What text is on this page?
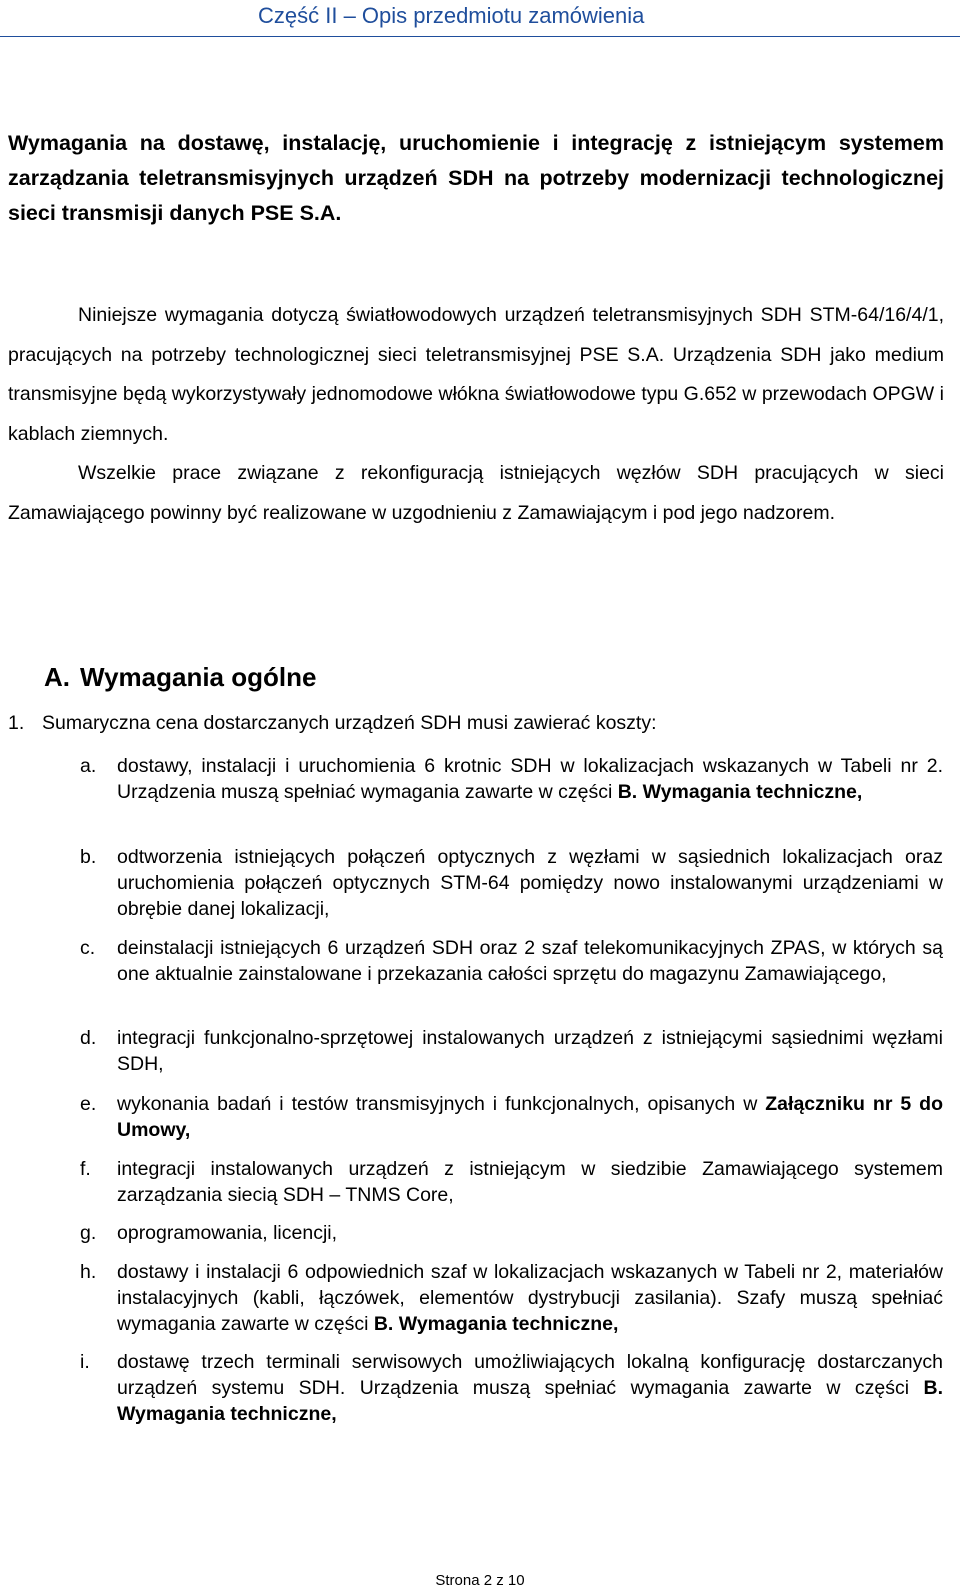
Część II – Opis przedmiotu zamówienia

Wymagania na dostawę, instalację, uruchomienie i integrację z istniejącym systemem zarządzania teletransmisyjnych urządzeń SDH na potrzeby modernizacji technologicznej sieci transmisji danych PSE S.A.

Niniejsze wymagania dotyczą światłowodowych urządzeń teletransmisyjnych SDH STM-64/16/4/1, pracujących na potrzeby technologicznej sieci teletransmisyjnej PSE S.A. Urządzenia SDH jako medium transmisyjne będą wykorzystywały jednomodowe włókna światłowodowe typu G.652 w przewodach OPGW i kablach ziemnych.

Wszelkie prace związane z rekonfiguracją istniejących węzłów SDH pracujących w sieci Zamawiającego powinny być realizowane w uzgodnieniu z Zamawiającym i pod jego nadzorem.

A. Wymagania ogólne
1. Sumaryczna cena dostarczanych urządzeń SDH musi zawierać koszty:
a. dostawy, instalacji i uruchomienia 6 krotnic SDH w lokalizacjach wskazanych w Tabeli nr 2. Urządzenia muszą spełniać wymagania zawarte w części B. Wymagania techniczne,
b. odtworzenia istniejących połączeń optycznych z węzłami w sąsiednich lokalizacjach oraz uruchomienia połączeń optycznych STM-64 pomiędzy nowo instalowanymi urządzeniami w obrębie danej lokalizacji,
c. deinstalacji istniejących 6 urządzeń SDH oraz 2 szaf telekomunikacyjnych ZPAS, w których są one aktualnie zainstalowane i przekazania całości sprzętu do magazynu Zamawiającego,
d. integracji funkcjonalno-sprzętowej instalowanych urządzeń z istniejącymi sąsiednimi węzłami SDH,
e. wykonania badań i testów transmisyjnych i funkcjonalnych, opisanych w Załączniku nr 5 do Umowy,
f. integracji instalowanych urządzeń z istniejącym w siedzibie Zamawiającego systemem zarządzania siecią SDH – TNMS Core,
g. oprogramowania, licencji,
h. dostawy i instalacji 6 odpowiednich szaf w lokalizacjach wskazanych w Tabeli nr 2, materiałów instalacyjnych (kabli, łączówek, elementów dystrybucji zasilania). Szafy muszą spełniać wymagania zawarte w części B. Wymagania techniczne,
i. dostawę trzech terminali serwisowych umożliwiających lokalną konfigurację dostarczanych urządzeń systemu SDH. Urządzenia muszą spełniać wymagania zawarte w części B. Wymagania techniczne,
Strona 2 z 10
